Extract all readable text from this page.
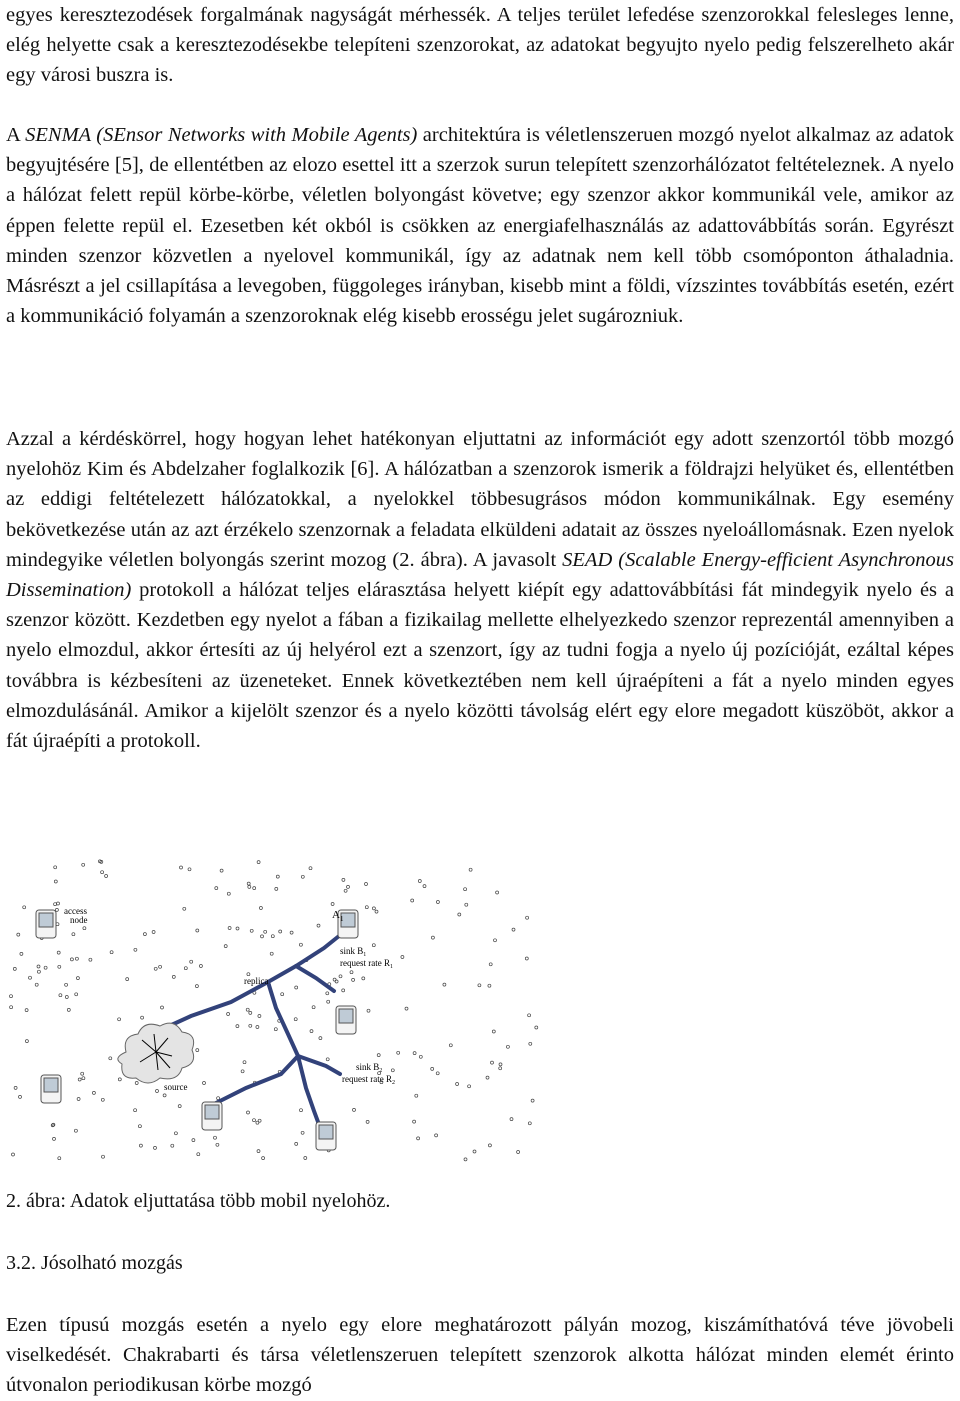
egyes keresztezodések forgalmának nagyságát mérhessék. A teljes terület lefedése szenzorokkal felesleges lenne, elég helyette csak a keresztezodésekbe telepíteni szenzorokat, az adatokat begyujto nyelo pedig felszerelheto akár egy városi buszra is.

A SENMA (SEnsor Networks with Mobile Agents) architektúra is véletlenszeruen mozgó nyelot alkalmaz az adatok begyujtésére [5], de ellentétben az elozo esettel itt a szerzok surun telepített szenzorhálózatot feltételeznek. A nyelo a hálózat felett repül körbe-körbe, véletlen bolyongást követve; egy szenzor akkor kommunikál vele, amikor az éppen felette repül el. Ezesetben két okból is csökken az energiafelhasználás az adattovábbítás során. Egyrészt minden szenzor közvetlen a nyelovel kommunikál, így az adatnak nem kell több csomóponton áthaladnia. Másrészt a jel csillapítása a levegoben, függoleges irányban, kisebb mint a földi, vízszintes továbbítás esetén, ezért a kommunikáció folyamán a szenzoroknak elég kisebb erosségu jelet sugározniuk.

Azzal a kérdéskörrel, hogy hogyan lehet hatékonyan eljuttatni az információt egy adott szenzortól több mozgó nyelohöz Kim és Abdelzaher foglalkozik [6]. A hálózatban a szenzorok ismerik a földrajzi helyüket és, ellentétben az eddigi feltételezett hálózatokkal, a nyelokkel többesugrásos módon kommunikálnak. Egy esemény bekövetkezése után az azt érzékelo szenzornak a feladata elküldeni adatait az összes nyeloállomásnak. Ezen nyelok mindegyike véletlen bolyongás szerint mozog (2. ábra). A javasolt SEAD (Scalable Energy-efficient Asynchronous Dissemination) protokoll a hálózat teljes elárasztása helyett kiépít egy adattovábbítási fát mindegyik nyelo és a szenzor között. Kezdetben egy nyelot a fában a fizikailag mellette elhelyezkedo szenzor reprezentál amennyiben a nyelo elmozdul, akkor értesíti az új helyérol ezt a szenzort, így az tudni fogja a nyelo új pozícióját, ezáltal képes továbbra is kézbesíteni az üzeneteket. Ennek következtében nem kell újraépíteni a fát a nyelo minden egyes elmozdulásánál. Amikor a kijelölt szenzor és a nyelo közötti távolság elért egy elore megadott küszöböt, akkor a fát újraépíti a protokoll.

access
node	$A_1$
replica
sink $B_1$
request rate $R_1$
source
sink $B_2$
request rate $R_2$

2. ábra: Adatok eljuttatása több mobil nyelohöz.

3.2. Jósolható mozgás

Ezen típusú mozgás esetén a nyelo egy elore meghatározott pályán mozog, kiszámíthatóvá téve jövobeli viselkedését. Chakrabarti és társa véletlenszeruen telepített szenzorok alkotta hálózat minden elemét érinto útvonalon periodikusan körbe mozgó
